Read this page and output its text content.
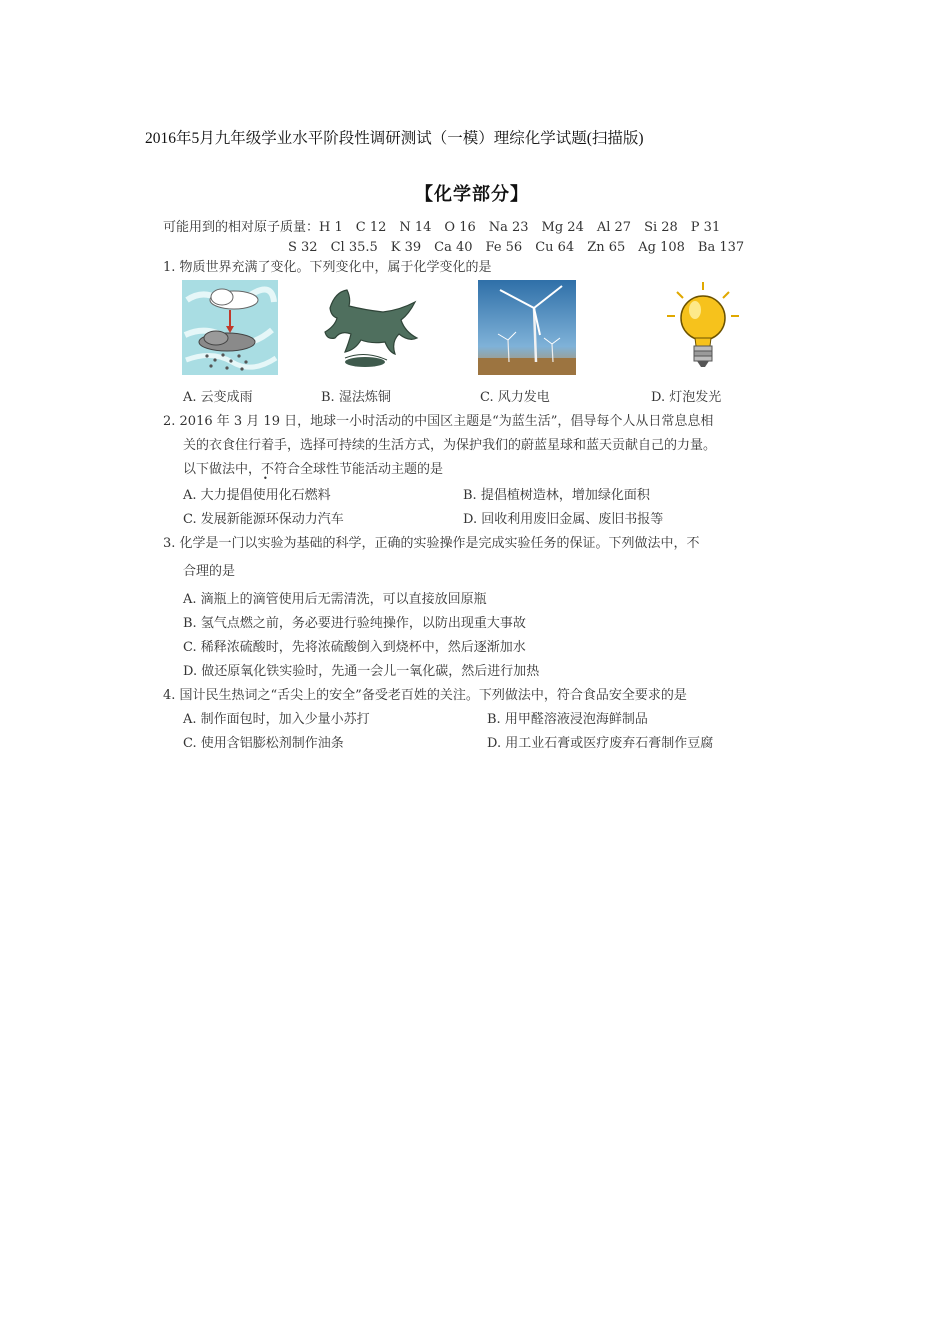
2016年5月九年级学业水平阶段性调研测试（一模）理综化学试题(扫描版)
【化学部分】
可能用到的相对原子质量：H 1　C 12　N 14　O 16　Na 23　Mg 24　Al 27　Si 28　P 31
S 32　Cl 35.5　K 39　Ca 40　Fe 56　Cu 64　Zn 65　Ag 108　Ba 137
1. 物质世界充满了变化。下列变化中，属于化学变化的是
A. 云变成雨	B. 湿法炼铜	C. 风力发电	D. 灯泡发光
2. 2016 年 3 月 19 日，地球一小时活动的中国区主题是“为蓝生活”，倡导每个人从日常息息相
关的衣食住行着手，选择可持续的生活方式，为保护我们的蔚蓝星球和蓝天贡献自己的力量。
以下做法中，不符合全球性节能活动主题的是
A. 大力提倡使用化石燃料	B. 提倡植树造林，增加绿化面积
C. 发展新能源环保动力汽车	D. 回收利用废旧金属、废旧书报等
3. 化学是一门以实验为基础的科学，正确的实验操作是完成实验任务的保证。下列做法中，不
合理的是
A. 滴瓶上的滴管使用后无需清洗，可以直接放回原瓶
B. 氢气点燃之前，务必要进行验纯操作，以防出现重大事故
C. 稀释浓硫酸时，先将浓硫酸倒入到烧杯中，然后逐渐加水
D. 做还原氧化铁实验时，先通一会儿一氧化碳，然后进行加热
4. 国计民生热词之“舌尖上的安全”备受老百姓的关注。下列做法中，符合食品安全要求的是
A. 制作面包时，加入少量小苏打	B. 用甲醛溶液浸泡海鲜制品
C. 使用含铝膨松剂制作油条	D. 用工业石膏或医疗废弃石膏制作豆腐
